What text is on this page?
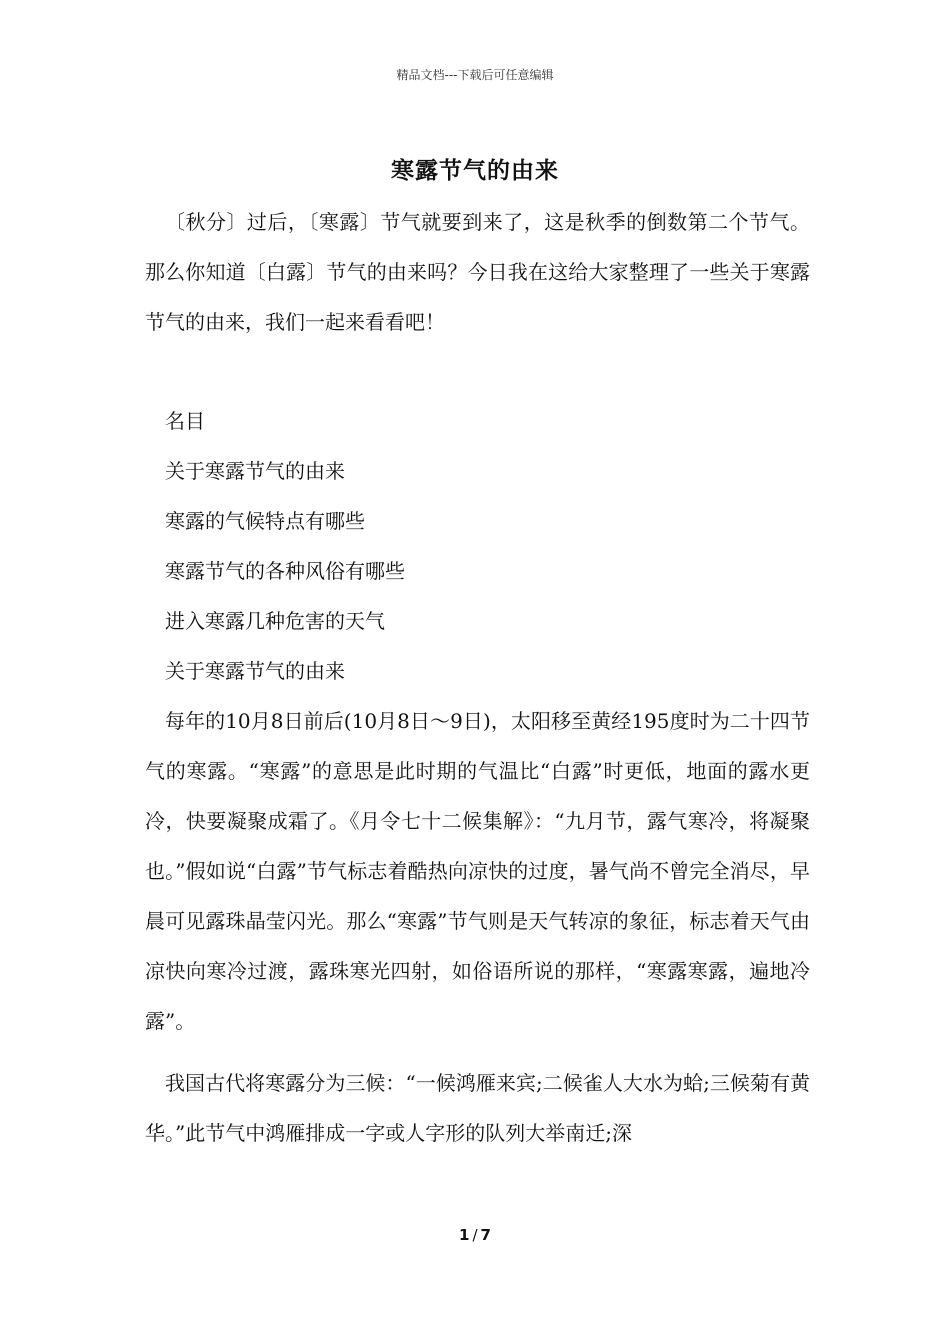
精品文档---下载后可任意编辑
寒露节气的由来

〔秋分〕过后，〔寒露〕节气就要到来了，这是秋季的倒数第二个节气。那么你知道〔白露〕节气的由来吗？今日我在这给大家整理了一些关于寒露节气的由来，我们一起来看看吧！

名目

关于寒露节气的由来
寒露的气候特点有哪些
寒露节气的各种风俗有哪些
进入寒露几种危害的天气

关于寒露节气的由来

每年的10月8日前后(10月8日～9日)，太阳移至黄经195度时为二十四节气的寒露。“寒露”的意思是此时期的气温比“白露”时更低，地面的露水更冷，快要凝聚成霜了。《月令七十二候集解》：“九月节，露气寒冷，将凝聚也。”假如说“白露”节气标志着酷热向凉快的过度，暑气尚不曾完全消尽，早晨可见露珠晶莹闪光。那么“寒露”节气则是天气转凉的象征，标志着天气由凉快向寒冷过渡，露珠寒光四射，如俗语所说的那样，“寒露寒露，遍地冷露”。

我国古代将寒露分为三候：“一候鸿雁来宾;二候雀人大水为蛤;三候菊有黄华。”此节气中鸿雁排成一字或人字形的队列大举南迁;深

1 / 7
